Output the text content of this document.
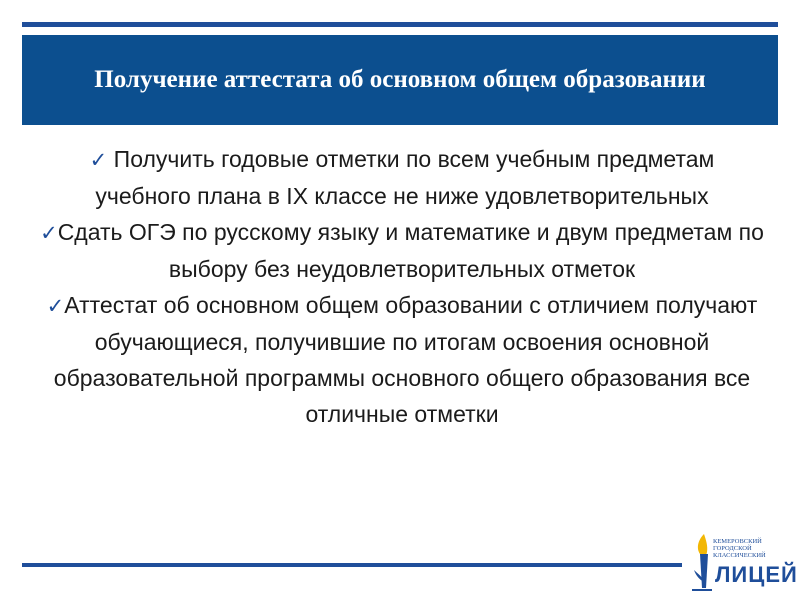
Получение аттестата об основном общем образовании

✓ Получить годовые отметки по всем учебным предметам учебного плана в IX классе не ниже удовлетворительных

✓Сдать ОГЭ по русскому языку и математике и двум предметам по выбору без неудовлетворительных отметок

✓Аттестат об основном общем образовании с отличием получают обучающиеся, получившие по итогам освоения основной образовательной программы основного общего образования все отличные отметки

КЕМЕРОВСКИЙ ГОРОДСКОЙ КЛАССИЧЕСКИЙ
ЛИЦЕЙ
